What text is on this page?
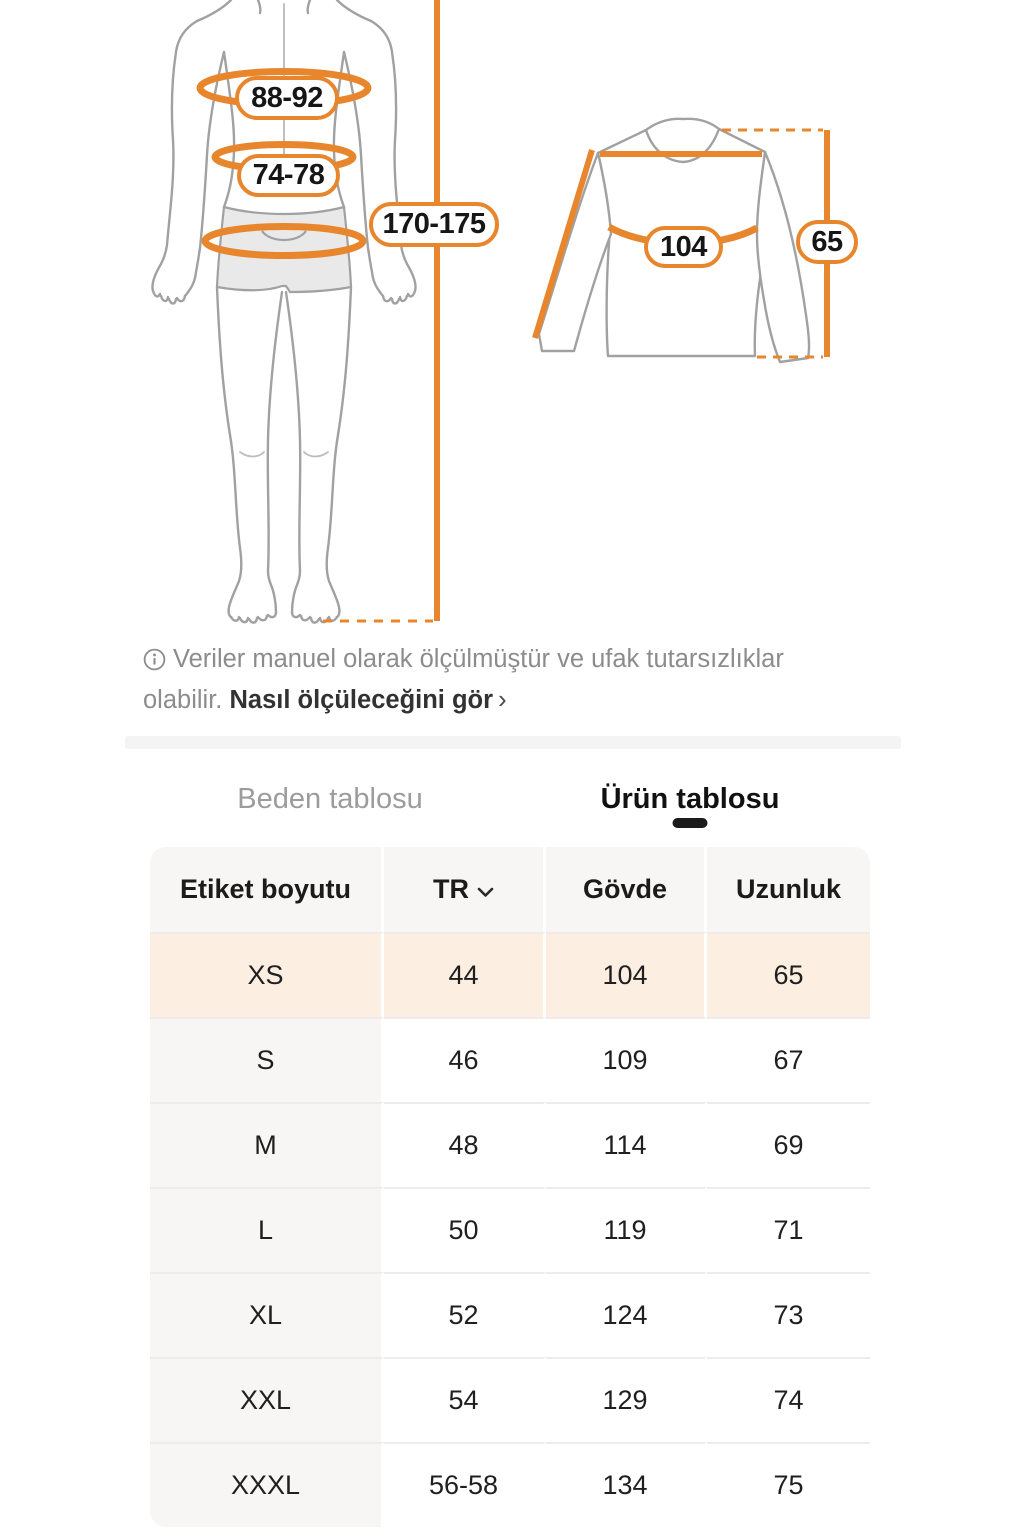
88-92
74-78
170-175
104	65
Veriler manuel olarak ölçülmüştür ve ufak tutarsızlıklar olabilir. Nasıl ölçüleceğini gör ›
Beden tablosu	Ürün tablosu
Etiket boyutu	TR	Gövde	Uzunluk
XS	44	104	65
S	46	109	67
M	48	114	69
L	50	119	71
XL	52	124	73
XXL	54	129	74
XXXL	56-58	134	75
